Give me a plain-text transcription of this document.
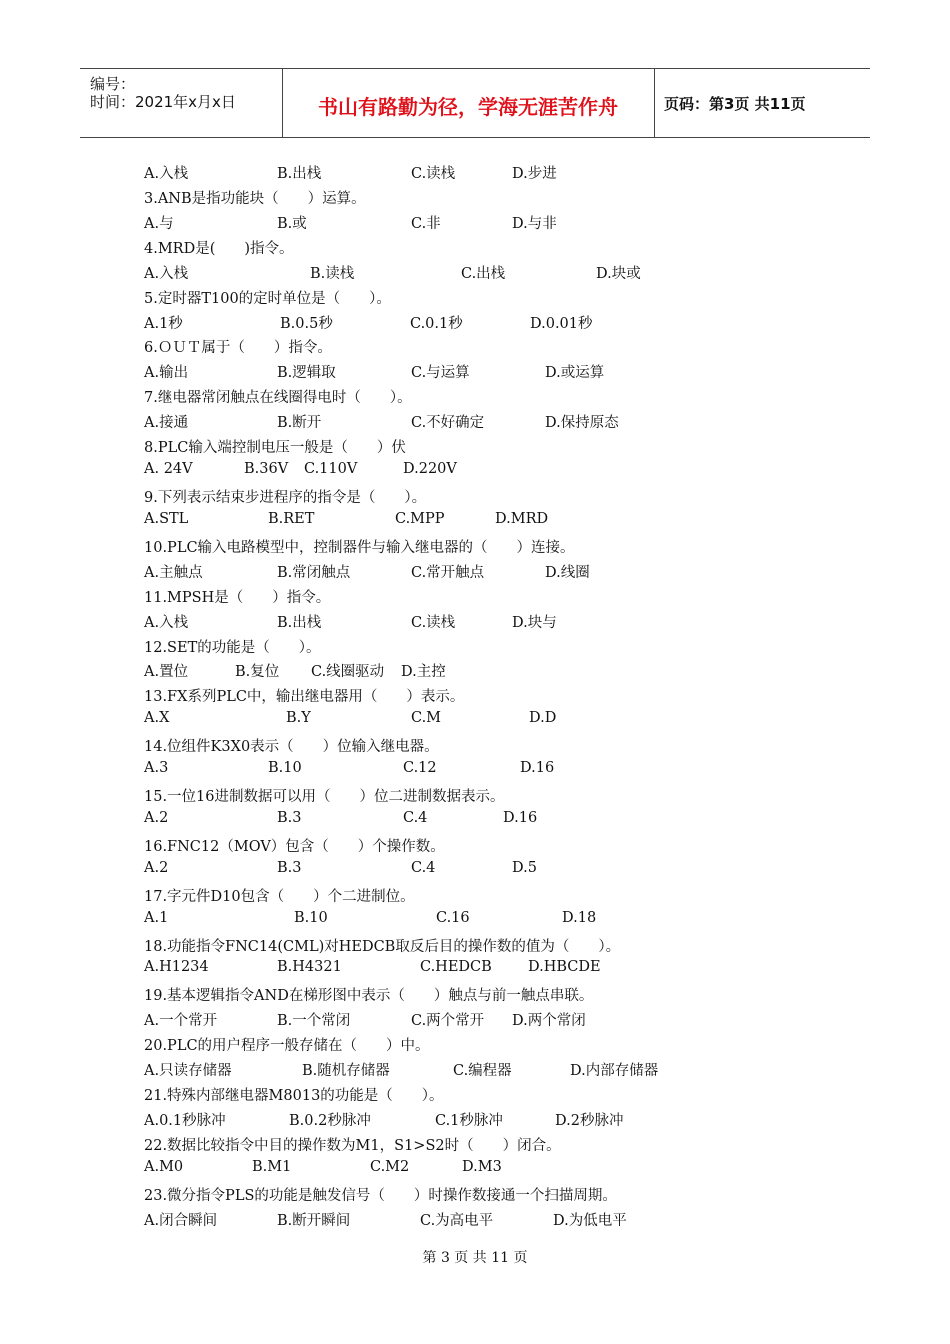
编号：
时间：2021年x月x日	书山有路勤为径，学海无涯苦作舟	页码：第3页 共11页
A.入栈	B.出栈	C.读栈	D.步进
3.ANB是指功能块（　　）运算。
A.与	B.或	C.非	D.与非
4.MRD是(　　)指令。
A.入栈	B.读栈	C.出栈	D.块或
5.定时器T100的定时单位是（　　）。
A.1秒	B.0.5秒	C.0.1秒	D.0.01秒
6.ＯＵＴ属于（　　）指令。
A.输出	B.逻辑取	C.与运算	D.或运算
7.继电器常闭触点在线圈得电时（　　）。
A.接通	B.断开	C.不好确定	D.保持原态
8.PLC输入端控制电压一般是（　　）伏
A. 24V	B.36V C.110V	D.220V
9.下列表示结束步进程序的指令是（　　）。
A.STL	B.RET	C.MPP	D.MRD
10.PLC输入电路模型中，控制器件与输入继电器的（　　）连接。
A.主触点	B.常闭触点	C.常开触点	D.线圈
11.MPSH是（　　）指令。
A.入栈	B.出栈	C.读栈	D.块与
12.SET的功能是（　　）。
A.置位	B.复位 C.线圈驱动 D.主控
13.FX系列PLC中，输出继电器用（　　）表示。
A.X	B.Y	C.M	D.D
14.位组件K3X0表示（　　）位输入继电器。
A.3	B.10	C.12	D.16
15.一位16进制数据可以用（　　）位二进制数据表示。
A.2	B.3	C.4	D.16
16.FNC12（MOV）包含（　　）个操作数。
A.2	B.3	C.4	D.5
17.字元件D10包含（　　）个二进制位。
A.1	B.10	C.16	D.18
18.功能指令FNC14(CML)对HEDCB取反后目的操作数的值为（　　）。
A.H1234	B.H4321	C.HEDCB D.HBCDE
19.基本逻辑指令AND在梯形图中表示（　　）触点与前一触点串联。
A.一个常开	B.一个常闭	C.两个常开 D.两个常闭
20.PLC的用户程序一般存储在（　　）中。
A.只读存储器	B.随机存储器	C.编程器	D.内部存储器
21.特殊内部继电器M8013的功能是（　　）。
A.0.1秒脉冲	B.0.2秒脉冲	C.1秒脉冲	D.2秒脉冲
22.数据比较指令中目的操作数为M1，S1>S2时（　　）闭合。
A.M0	B.M1	C.M2	D.M3
23.微分指令PLS的功能是触发信号（　　）时操作数接通一个扫描周期。
A.闭合瞬间	B.断开瞬间	C.为高电平	D.为低电平
第 3 页 共 11 页
